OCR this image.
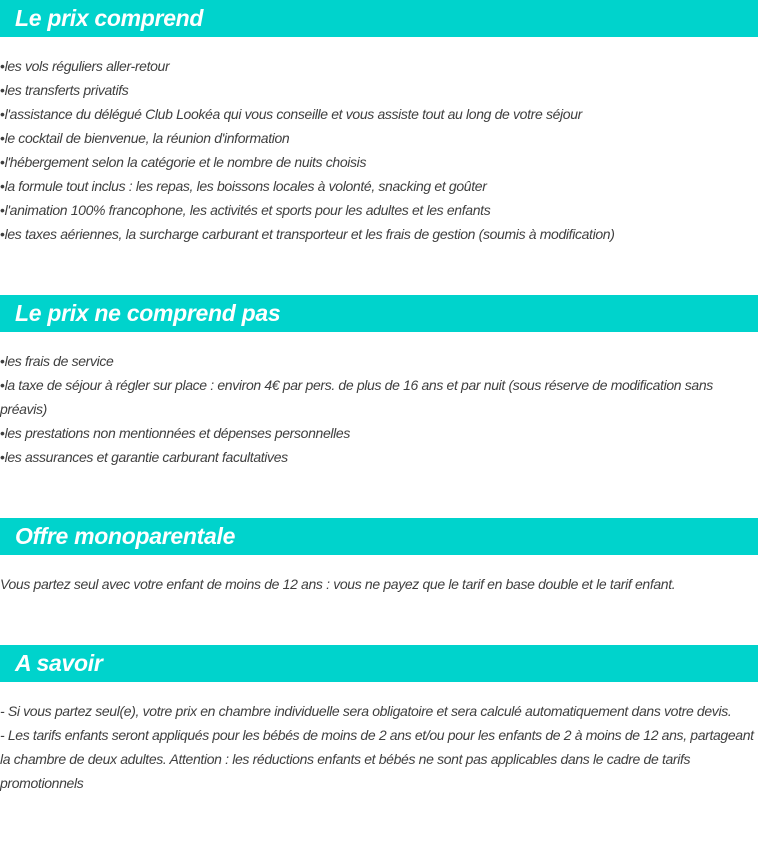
Le prix comprend
• les vols réguliers aller-retour
• les transferts privatifs
• l'assistance du délégué Club Lookéa qui vous conseille et vous assiste tout au long de votre séjour
• le cocktail de bienvenue, la réunion d'information
• l'hébergement selon la catégorie et le nombre de nuits choisis
• la formule tout inclus : les repas, les boissons locales à volonté, snacking et goûter
• l'animation 100% francophone, les activités et sports pour les adultes et les enfants
• les taxes aériennes, la surcharge carburant et transporteur et les frais de gestion (soumis à modification)
Le prix ne comprend pas
• les frais de service
• la taxe de séjour à régler sur place : environ 4€ par pers. de plus de 16 ans et par nuit (sous réserve de modification sans préavis)
• les prestations non mentionnées et dépenses personnelles
• les assurances et garantie carburant facultatives
Offre monoparentale

Vous partez seul avec votre enfant de moins de 12 ans : vous ne payez que le tarif en base double et le tarif enfant.

A savoir

- Si vous partez seul(e), votre prix en chambre individuelle sera obligatoire et sera calculé automatiquement dans votre devis.

- Les tarifs enfants seront appliqués pour les bébés de moins de 2 ans et/ou pour les enfants de 2 à moins de 12 ans, partageant la chambre de deux adultes. Attention : les réductions enfants et bébés ne sont pas applicables dans le cadre de tarifs promotionnels
